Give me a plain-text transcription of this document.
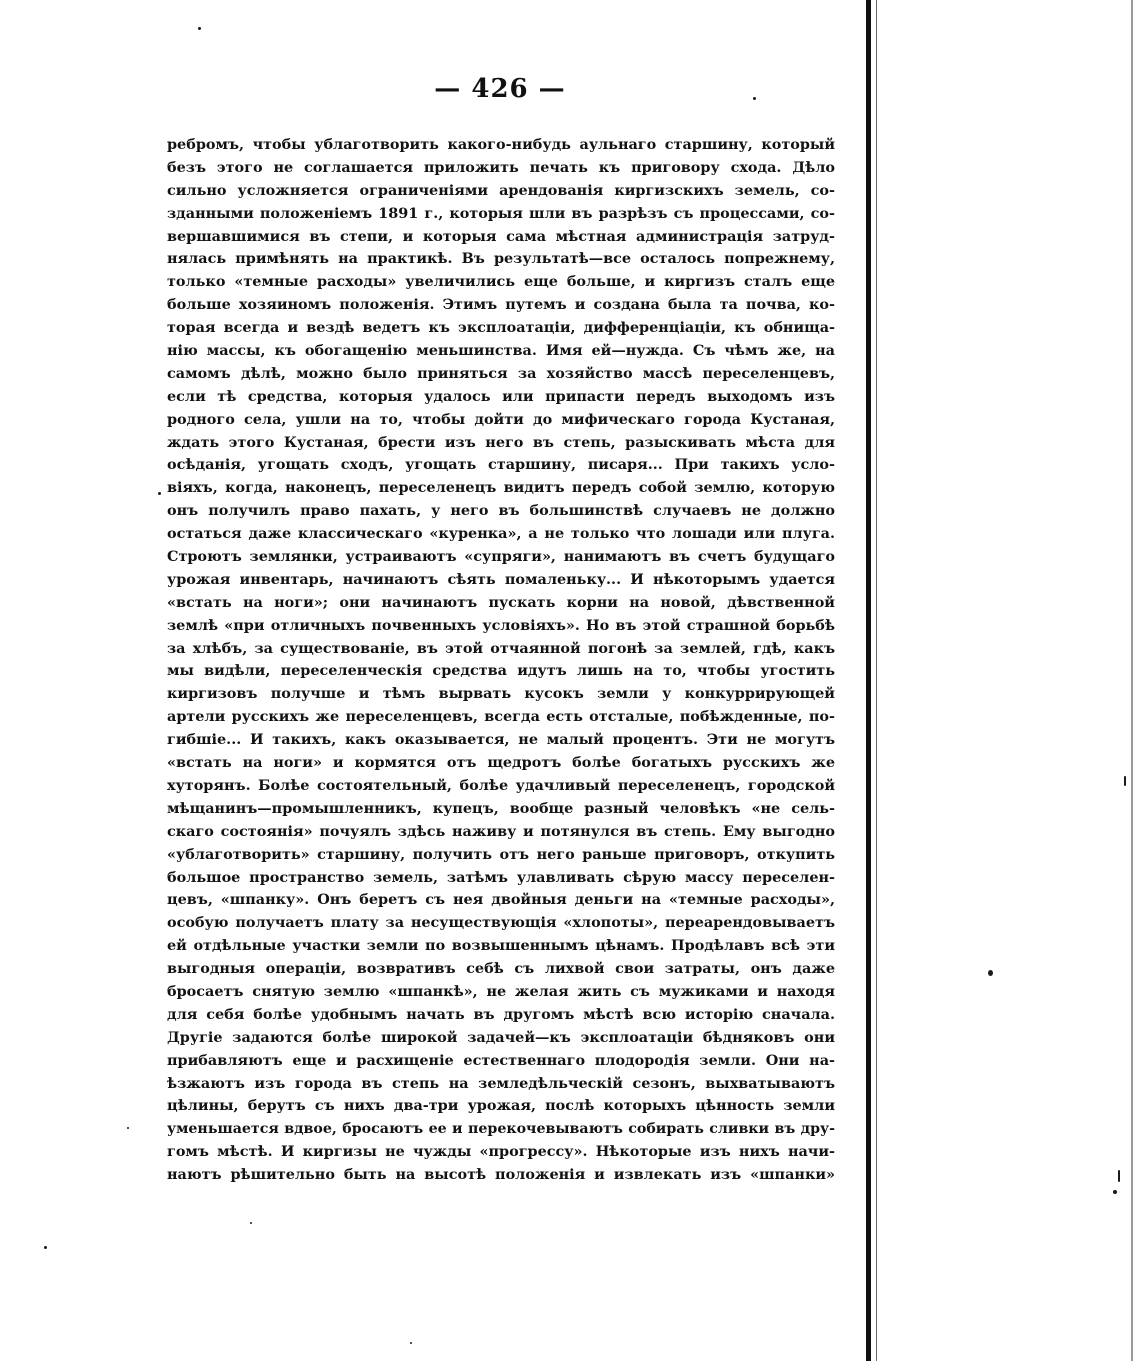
— 426 —
ребромъ, чтобы ублаготворить какого-нибудь аульнаго старшину, который
безъ этого не соглашается приложить печать къ приговору схода. Дѣло
сильно усложняется ограниченіями арендованія киргизскихъ земель, со-
зданными положеніемъ 1891 г., которыя шли въ разрѣзъ съ процессами, со-
вершавшимися въ степи, и которыя сама мѣстная администрація затруд-
нялась примѣнять на практикѣ. Въ результатѣ—все осталось попрежнему,
только «темные расходы» увеличились еще больше, и киргизъ сталъ еще
больше хозяиномъ положенія. Этимъ путемъ и создана была та почва, ко-
торая всегда и вездѣ ведетъ къ эксплоатаціи, дифференціаціи, къ обнища-
нію массы, къ обогащенію меньшинства. Имя ей—нужда. Съ чѣмъ же, на
самомъ дѣлѣ, можно было приняться за хозяйство массѣ переселенцевъ,
если тѣ средства, которыя удалось или припасти передъ выходомъ изъ
родного села, ушли на то, чтобы дойти до мифическаго города Кустаная,
ждать этого Кустаная, брести изъ него въ степь, разыскивать мѣста для
осѣданія, угощать сходъ, угощать старшину, писаря... При такихъ усло-
віяхъ, когда, наконецъ, переселенецъ видитъ передъ собой землю, которую
онъ получилъ право пахать, у него въ большинствѣ случаевъ не должно
остаться даже классическаго «куренка», а не только что лошади или плуга.
Строютъ землянки, устраиваютъ «супряги», нанимаютъ въ счетъ будущаго
урожая инвентарь, начинаютъ сѣять помаленьку... И нѣкоторымъ удается
«встать на ноги»; они начинаютъ пускать корни на новой, дѣвственной
землѣ «при отличныхъ почвенныхъ условіяхъ». Но въ этой страшной борьбѣ
за хлѣбъ, за существованіе, въ этой отчаянной погонѣ за землей, гдѣ, какъ
мы видѣли, переселенческія средства идутъ лишь на то, чтобы угостить
киргизовъ получше и тѣмъ вырвать кусокъ земли у конкуррирующей
артели русскихъ же переселенцевъ, всегда есть отсталые, побѣжденные, по-
гибшіе... И такихъ, какъ оказывается, не малый процентъ. Эти не могутъ
«встать на ноги» и кормятся отъ щедротъ болѣе богатыхъ русскихъ же
хуторянъ. Болѣе состоятельный, болѣе удачливый переселенецъ, городской
мѣщанинъ—промышленникъ, купецъ, вообще разный человѣкъ «не сель-
скаго состоянія» почуялъ здѣсь наживу и потянулся въ степь. Ему выгодно
«ублаготворить» старшину, получить отъ него раньше приговоръ, откупить
большое пространство земель, затѣмъ улавливать сѣрую массу переселен-
цевъ, «шпанку». Онъ беретъ съ нея двойныя деньги на «темные расходы»,
особую получаетъ плату за несуществующія «хлопоты», переарендовываетъ
ей отдѣльные участки земли по возвышеннымъ цѣнамъ. Продѣлавъ всѣ эти
выгодныя операціи, возвративъ себѣ съ лихвой свои затраты, онъ даже
бросаетъ снятую землю «шпанкѣ», не желая жить съ мужиками и находя
для себя болѣе удобнымъ начать въ другомъ мѣстѣ всю исторію сначала.
Другіе задаются болѣе широкой задачей—къ эксплоатаціи бѣдняковъ они
прибавляютъ еще и расхищеніе естественнаго плодородія земли. Они на-
ѣзжаютъ изъ города въ степь на земледѣльческій сезонъ, выхватываютъ
цѣлины, берутъ съ нихъ два-три урожая, послѣ которыхъ цѣнность земли
уменьшается вдвое, бросаютъ ее и перекочевываютъ собирать сливки въ дру-
гомъ мѣстѣ. И киргизы не чужды «прогрессу». Нѣкоторые изъ нихъ начи-
наютъ рѣшительно быть на высотѣ положенія и извлекать изъ «шпанки»
